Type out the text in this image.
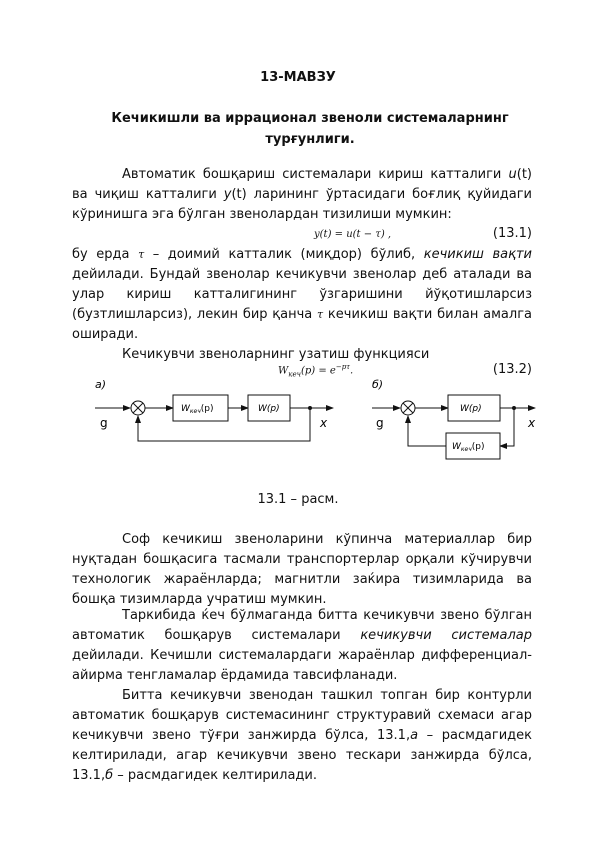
13-МАВЗУ
Кечикишли ва иррационал звеноли системаларнинг турғунлиги.
Автоматик бошқариш системалари кириш катталиги u(t) ва чиқиш катталиги y(t) ларининг ўртасидаги боғлиқ қуйидаги кўринишга эга бўлган звенолардан тизилиши мумкин:
y(t) = u(t − τ) ,	(13.1)
бу ерда τ – доимий катталик (миқдор) бўлиб, кечикиш вақти дейилади. Бундай звенолар кечикувчи звенолар деб аталади ва улар кириш катталигининг ўзгаришини йўқотишларсиз (бузтлишларсиз), лекин бир қанча τ кечикиш вақти билан амалга оширади.
Кечикувчи звеноларнинг узатиш функцияси
$W_{кеч}(p) = e^{-p\tau}$.	(13.2)
а)
g
$W_{кеч}(p)$	W(p)
x
б)
g
W(p)
x
$W_{кеч}(p)$
13.1 – расм.
Соф кечикиш звеноларини кўпинча материаллар бир нуқтадан бошқасига тасмали транспортерлар орқали кўчирувчи технологик жараёнларда; магнитли заќира тизимларида ва бошқа тизимларда учратиш мумкин.
Таркибида ќеч бўлмаганда битта кечикувчи звено бўлган автоматик бошқарув системалари кечикувчи системалар дейилади. Кечишли системалардаги жараёнлар дифференциал-айирма тенгламалар ёрдамида тавсифланади.
Битта кечикувчи звенодан ташкил топган бир контурли автоматик бошқарув системасининг структуравий схемаси агар кечикувчи звено тўғри занжирда бўлса, 13.1,а – расмдагидек келтирилади, агар кечикувчи звено тескари занжирда бўлса, 13.1,б – расмдагидек келтирилади.
